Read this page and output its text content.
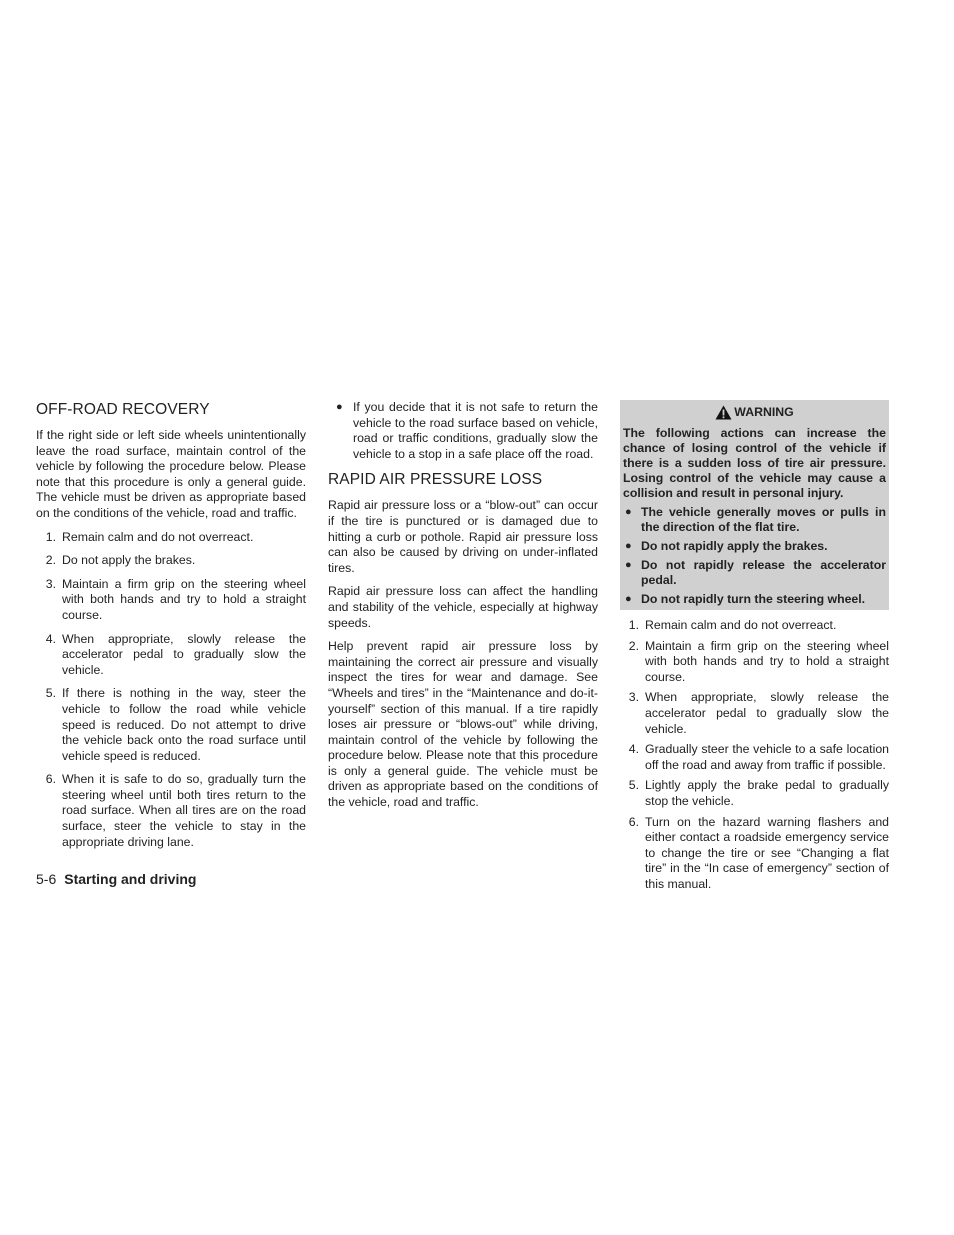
OFF-ROAD RECOVERY

If the right side or left side wheels unintentionally leave the road surface, maintain control of the vehicle by following the procedure below. Please note that this procedure is only a general guide. The vehicle must be driven as appropriate based on the conditions of the vehicle, road and traffic.

1. Remain calm and do not overreact.
2. Do not apply the brakes.
3. Maintain a firm grip on the steering wheel with both hands and try to hold a straight course.
4. When appropriate, slowly release the accelerator pedal to gradually slow the vehicle.
5. If there is nothing in the way, steer the vehicle to follow the road while vehicle speed is reduced. Do not attempt to drive the vehicle back onto the road surface until vehicle speed is reduced.
6. When it is safe to do so, gradually turn the steering wheel until both tires return to the road surface. When all tires are on the road surface, steer the vehicle to stay in the appropriate driving lane.
● If you decide that it is not safe to return the vehicle to the road surface based on vehicle, road or traffic conditions, gradually slow the vehicle to a stop in a safe place off the road.
RAPID AIR PRESSURE LOSS

Rapid air pressure loss or a “blow-out” can occur if the tire is punctured or is damaged due to hitting a curb or pothole. Rapid air pressure loss can also be caused by driving on under-inflated tires.

Rapid air pressure loss can affect the handling and stability of the vehicle, especially at highway speeds.

Help prevent rapid air pressure loss by maintaining the correct air pressure and visually inspect the tires for wear and damage. See “Wheels and tires” in the “Maintenance and do-it-yourself” section of this manual. If a tire rapidly loses air pressure or “blows-out” while driving, maintain control of the vehicle by following the procedure below. Please note that this procedure is only a general guide. The vehicle must be driven as appropriate based on the conditions of the vehicle, road and traffic.

WARNING

The following actions can increase the chance of losing control of the vehicle if there is a sudden loss of tire air pressure. Losing control of the vehicle may cause a collision and result in personal injury.

● The vehicle generally moves or pulls in the direction of the flat tire.
● Do not rapidly apply the brakes.
● Do not rapidly release the accelerator pedal.
● Do not rapidly turn the steering wheel.
1. Remain calm and do not overreact.
2. Maintain a firm grip on the steering wheel with both hands and try to hold a straight course.
3. When appropriate, slowly release the accelerator pedal to gradually slow the vehicle.
4. Gradually steer the vehicle to a safe location off the road and away from traffic if possible.
5. Lightly apply the brake pedal to gradually stop the vehicle.
6. Turn on the hazard warning flashers and either contact a roadside emergency service to change the tire or see “Changing a flat tire” in the “In case of emergency” section of this manual.
5-6 Starting and driving
